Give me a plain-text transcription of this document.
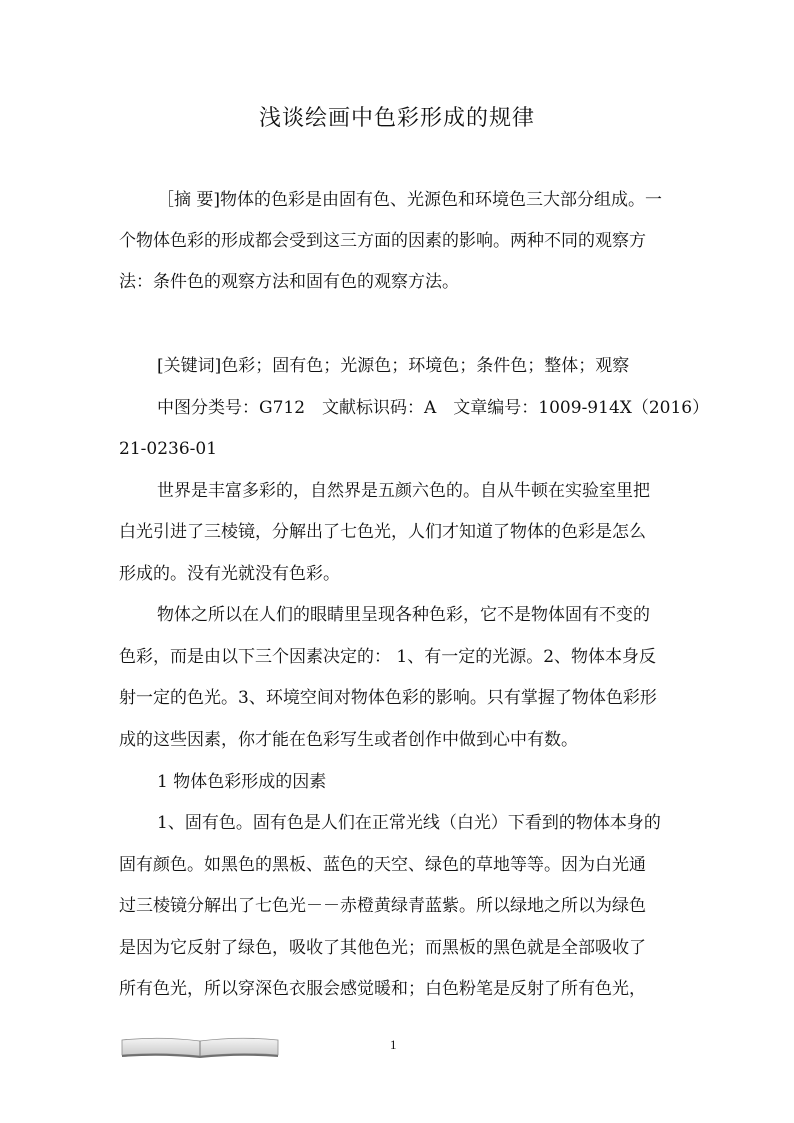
浅谈绘画中色彩形成的规律
［摘 要]物体的色彩是由固有色、光源色和环境色三大部分组成。一
个物体色彩的形成都会受到这三方面的因素的影响。两种不同的观察方
法：条件色的观察方法和固有色的观察方法。
[关键词]色彩；固有色；光源色；环境色；条件色；整体；观察
中图分类号：G712　文献标识码：A　文章编号：1009-914X（2016）
21-0236-01
世界是丰富多彩的，自然界是五颜六色的。自从牛顿在实验室里把
白光引进了三棱镜，分解出了七色光，人们才知道了物体的色彩是怎么
形成的。没有光就没有色彩。
物体之所以在人们的眼睛里呈现各种色彩，它不是物体固有不变的
色彩，而是由以下三个因素决定的： 1、有一定的光源。2、物体本身反
射一定的色光。3、环境空间对物体色彩的影响。只有掌握了物体色彩形
成的这些因素，你才能在色彩写生或者创作中做到心中有数。
1 物体色彩形成的因素
1、固有色。固有色是人们在正常光线（白光）下看到的物体本身的
固有颜色。如黑色的黑板、蓝色的天空、绿色的草地等等。因为白光通
过三棱镜分解出了七色光－－赤橙黄绿青蓝紫。所以绿地之所以为绿色
是因为它反射了绿色，吸收了其他色光；而黑板的黑色就是全部吸收了
所有色光，所以穿深色衣服会感觉暖和；白色粉笔是反射了所有色光，
1
